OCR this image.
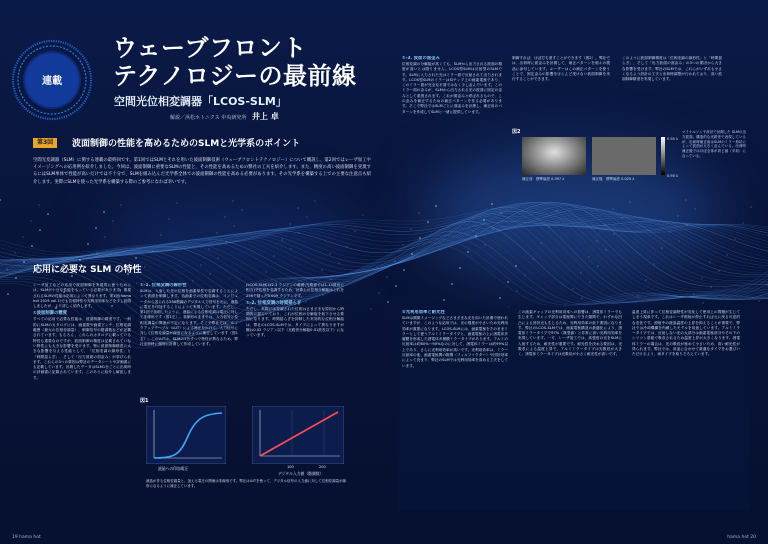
連載
ウェーブフロント
テクノロジーの最前線
空間光位相変調器「LCOS-SLM」
解説／浜松ホトニクス 中央研究所 井上 卓
第3回	波面制御の性能を高めるためのSLMと光学系のポイント
空間光変調器（SLM）に関する連載の最終回です。第1回ではSLMとそれを用いた波面制御技術（ウェーブフロントテクノロジー）について概説し、第2回ではレーザ加工やイメージングへの応用例を紹介しました。今回は、波面制御に重要なSLMの性能と、その性能を高めるための弊社の工夫を紹介します。また、精度の高い波面制御を実現するにはSLM単体で性能が高いだけでは不十分で、SLMを組み込んだ光学系全体での波面制御の性能を高める必要があります。その光学系を構築する上での主要な注意点も紹介します。実際にSLMを使った光学系を構築する際のご参考になれば幸いです。
応用に必要な SLM の特性

レーザ加工などの応用で波面制御を実現的に使うためには、SLMが十分な性能をもっている必要があります。重視されるSLMの性能は応用によって異なります。第1回(hama hot 2019 vol.1)でも位相特性や光利用効率などを少し説明しましたが、より詳しく紹介します。

①波面制御の精度

すべての応用で必要な性能は、波面制御の精度です。一般的にSLMのカタログには、画素数や画素ピッチ、位相変調範囲（最大の位相変調量）、制御信号の階調数などが記載されています。もちろん、これらのカタログに載っている特性も重要なのですが、波面制御の精度は記載されていない特性にも大きな影響を受けます。特に波面制御精度に大きな影響を与える性能として、「位相変調の線形性」と「時間揺らぎ」、そして「出力波面の面歪み」が挙げられます。これらの3つの要因は弊社のデータシートや評価書にも記載しています。計測したデータはSLM1台ごとに出荷時の評価書に記載されています。このあとに紹介し解説します。

①-1. 位相変調の線形性

SLMは、入射した光の位相を画素単位で変調することによって波面を制御します。各画素での位相変調は、コンピュータから送られる256階調のデジタル入力信号を元に、液晶に電圧を印加することによって実現しています。ただし、第1回で説明したように、液晶による位相変調は電圧に対して非線形です（図1左）。非線形のままでは、入力信号と位相変調量の関係が不定になります。そこで弊社では、ルックアップテーブル（LUT）による補正をかけて、入力信号に対して位相変調量が線形になるように補正しています（図1右）。このLUTは、SLMの1台ずつで特性が異なるため、弊社出荷時に個別に計測して作成しています。

(LCOS-SLM)は2.3 ラジアンの範囲(光路差では1.15波長に相当)で位相を変調するため、計算上の位相分解能はこれを256で割った0.009 ラジアンです。

①-2. 位相変調の時間揺らぎ

ただし、実際には変調された位相はさまざまな原因から時間的に揺らいており、これが位相の分解能を低下させる要因になります。時間揺らぎを抑制した実効的な位相分解能は、弊社のLCOS-SLMでは、タイプによって異なりますが概ね0.02 ラジアン以下（光路差分解能0.01波長以下）になっています。

図1
液晶への印加電圧	100	200
デジタル入力値（階調数）
液晶が作る位相変調量と、加える電圧の関係は非線形です。弊社はLUTを使って、デジタル信号の入力値に対して位相変調量が線形になるように補正しています。
19 hama hot
①-3. 波面の面歪み

位相変調の分解能が高くても、SLMから出力される波面の精度が高いとは限りません。LCOS型SLMは反射型のSLMです。SLMに入力された光はミラー面で反射されて出力されます。LCOS型SLMのミラーはSiチップ上の画素電極であり、このミラー面が完全な平面ではなく少し歪んでいます。このミラー面の歪みが、SLMから出力される光の波面に固定の歪みとして重畳されます。これが面歪みと呼ばれるもので、この歪みを補正するための補正パターンを作る必要があります。そこで弊社ではSLMごとに面歪みを計測し、補正用のパターンを作成してSLMと一緒に提供しています。

制御すれば、ほぼ打ち消すことができます（図2）。弊社では、出荷時に面歪みを計測して、補正パターンを個々の製品に添付しています。ユーザーはこの補正パターンを使うことで、固定歪みの影響をほとんど受けない波面制御を実行することができます。

このように波面制御精度は「位相変調の線形性」と「時間揺らぎ」、そして「出力波面の面歪み」の3つの要因から大きな影響を受けます。弊社のSLMでは、これらがいずれも小さくなるよう設計の工夫と出荷時調整が行われており、高い波面制御精度を実現しています。

図2
補正前　標準偏差 0.397 λ	補正後　標準偏差 0.025 λ
0.95 λ
0.95 λ
マイケルソン干渉計で計測した SLMの出力波面。構造的な光路差で表現しているが、出荷時補正前はSLMのミラー形状によって波面が大きく歪んでいる。出荷時補正後ではほぼ全体が同じ値（平坦）になっている。
②光利用効率と耐光性

SLMは顕微イメージングなどさまざまな光を用いた計測で使われていますが、このような応用では、光の強度が小さいため光利用効率が重要になります。LCOS-SLMには、画素電極をそのままミラーとして使うアルミミラータイプと、画素電極の上に誘電体多層膜を形成した誘電体多層膜ミラータイプがあります。アルミの反射率は約80%〜90%なのに対して、誘電体ミラーは約99%以上であり、さらに光利用効率が高いです。光利用効率は、ミラー反射率の他、画素電極間の隙間（フィルファクター）や回折効率によって決まり、弊社のSLMでは光利用効率を高める工夫をしています。

この画素ギャップの光利用効率への影響は、誘電体ミラーでも生じます。ギャップ部分は電極間にできた隙間で、わずかな凹凸による回折光も生じるため、光利用効率の低下要因になります。弊社のLCOS-SLMでは、画素電極構造の最適化により、誘電体ミラータイプで97%（典型値）と非常に高い光利用効率を実現しています。一方、レーザ加工では、高強度の光をSLMに入射するため、耐光性が重要です。耐光性を決める要因は、光吸収による温度上昇で、アルミミラータイプは光吸収が大きく、誘電体ミラータイプは光吸収が小さく耐光性が高いです。

温度上昇に伴って位相変調特性が変化して使用上の問題が生じてしまう現象です。これはレーザ照射が停止すれば元に戻る可逆的な変化です。照射中の液晶温度の上昇を抑えることが重要で、弊社では冷却機構を内蔵したモデルを用意しています。アルミミラータイプでは、反射しない光の大部分は画素電極部分やその下のシリコン基板で吸収されるため温度上昇が大きくなります。誘電体ミラーの場合は、光の吸収が極めて小さいため、高い耐光性が得られます。弊社では、用途に合わせて最適なタイプをお選びいただけるよう、両タイプを取りそろえています。

hama hot 20
